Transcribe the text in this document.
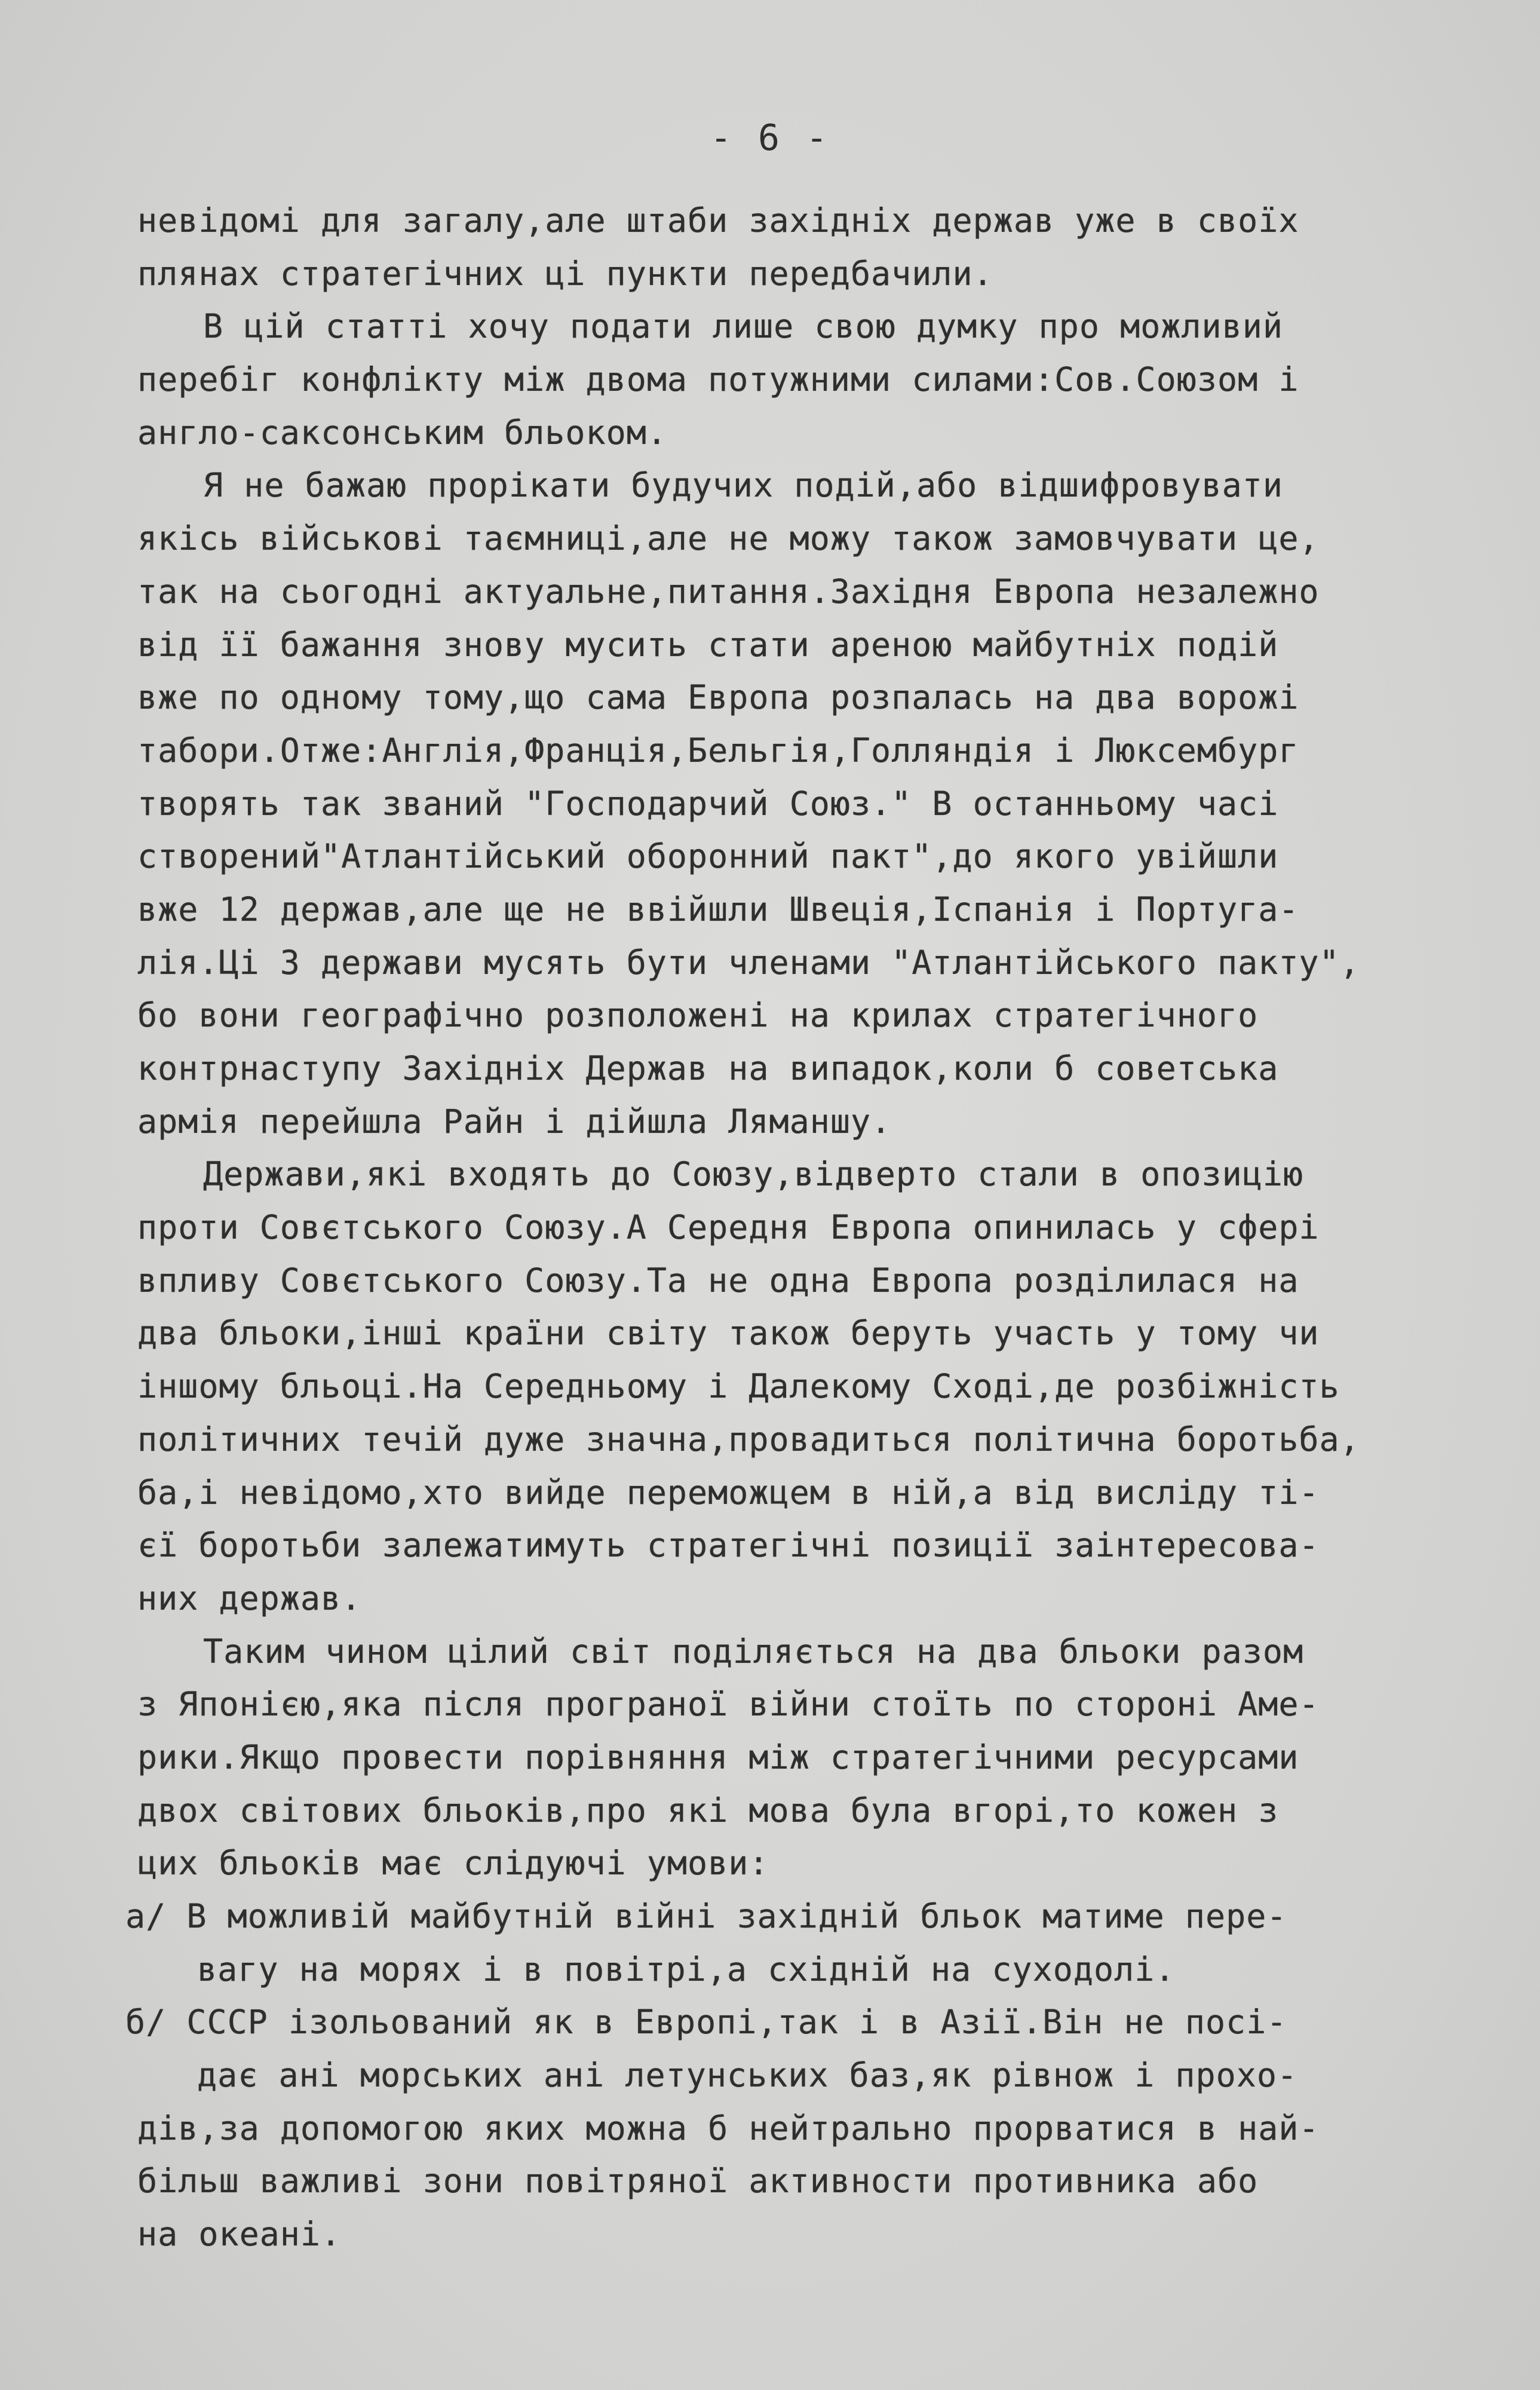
- 6 -
невідомі для загалу,але штаби західніх держав уже в своїх
плянах стратегічних ці пункти передбачили.
В цій статті хочу подати лише свою думку про можливий
перебіг конфлікту між двома потужними силами:Сов.Союзом і
англо-саксонським бльоком.
Я не бажаю прорікати будучих подій,або відшифровувати
якісь військові таємниці,але не можу також замовчувати це,
так на сьогодні актуальне,питання.Західня Европа незалежно
від її бажання знову мусить стати ареною майбутніх подій
вже по одному тому,що сама Европа розпалась на два ворожі
табори.Отже:Англія,Франція,Бельгія,Голляндія і Люксембург
творять так званий "Господарчий Союз." В останньому часі
створений"Атлантійський оборонний пакт",до якого увійшли
вже 12 держав,але ще не ввійшли Швеція,Іспанія і Португа-
лія.Ці 3 держави мусять бути членами "Атлантійського пакту",
бо вони географічно розположені на крилах стратегічного
контрнаступу Західніх Держав на випадок,коли б советська
армія перейшла Райн і дійшла Ляманшу.
Держави,які входять до Союзу,відверто стали в опозицію
проти Совєтського Союзу.А Середня Европа опинилась у сфері
впливу Совєтського Союзу.Та не одна Европа розділилася на
два бльоки,інші країни світу також беруть участь у тому чи
іншому бльоці.На Середньому і Далекому Сході,де розбіжність
політичних течій дуже значна,провадиться політична боротьба,
ба,і невідомо,хто вийде переможцем в ній,а від висліду ті-
єї боротьби залежатимуть стратегічні позиції заінтересова-
них держав.
Таким чином цілий світ поділяється на два бльоки разом
з Японією,яка після програної війни стоїть по стороні Аме-
рики.Якщо провести порівняння між стратегічними ресурсами
двох світових бльоків,про які мова була вгорі,то кожен з
цих бльоків має слідуючі умови:
а/ В можливій майбутній війні західній бльок матиме пере-
вагу на морях і в повітрі,а східній на суходолі.
б/ СССР ізольований як в Европі,так і в Азії.Він не посі-
дає ані морських ані летунських баз,як рівнож і прохо-
дів,за допомогою яких можна б нейтрально прорватися в най-
більш важливі зони повітряної активности противника або
на океані.
